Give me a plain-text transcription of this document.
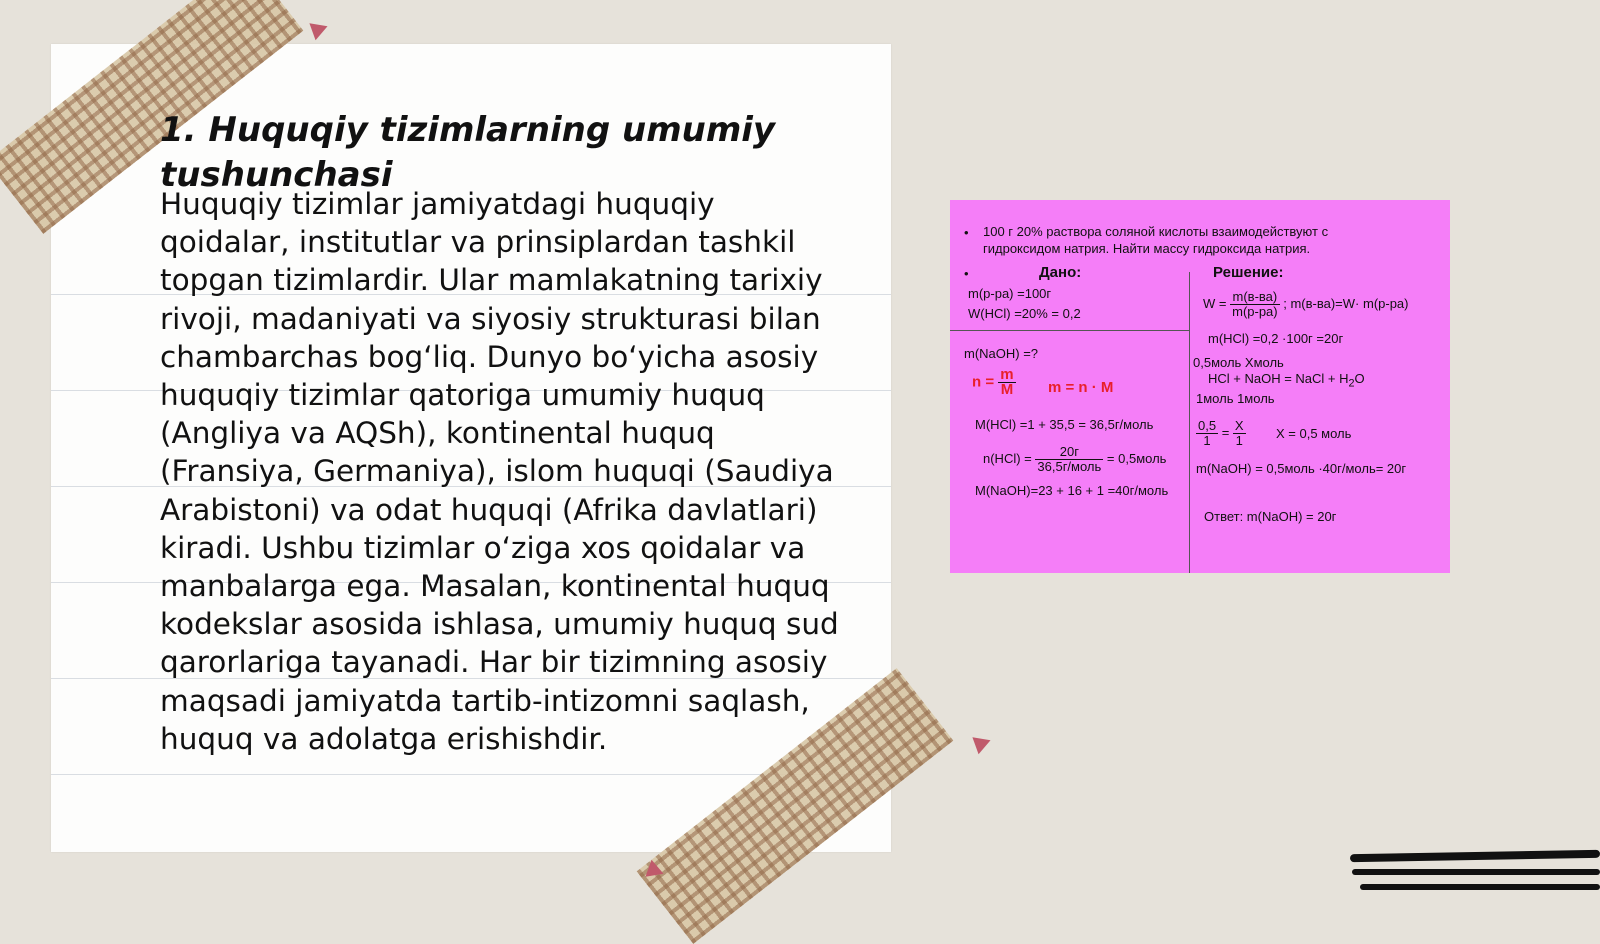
1. Huquqiy tizimlarning umumiy tushunchasi
Huquqiy tizimlar jamiyatdagi huquqiy qoidalar, institutlar va prinsiplardan tashkil topgan tizimlardir. Ular mamlakatning tarixiy rivoji, madaniyati va siyosiy strukturasi bilan chambarchas bog‘liq. Dunyo bo‘yicha asosiy huquqiy tizimlar qatoriga umumiy huquq (Angliya va AQSh), kontinental huquq (Fransiya, Germaniya), islom huquqi (Saudiya Arabistoni) va odat huquqi (Afrika davlatlari) kiradi. Ushbu tizimlar o‘ziga xos qoidalar va manbalarga ega. Masalan, kontinental huquq kodekslar asosida ishlasa, umumiy huquq sud qarorlariga tayanadi. Har bir tizimning asosiy maqsadi jamiyatda tartib-intizomni saqlash, huquq va adolatga erishishdir.
• 100 г 20% раствора соляной кислоты взаимодействуют с
гидроксидом натрия. Найти массу гидроксида натрия.
•	Дано:	Решение:
m(р-ра) =100г
W(HCl) =20% = 0,2
m(NaOH) =?
$n = \frac{m}{M}$ m = n · M
M(HCl) =1 + 35,5 = 36,5г/моль
$n(HCl) = \frac{20г}{\text{36,5г/моль}}$ = 0,5моль
M(NaOH)=23 + 16 + 1 =40г/моль
$W = \frac{m(в-ва)}{m(р-ра)}$ ; m(в-ва)=W· m(р-ра)
m(HCl) =0,2 ·100г =20г
0,5моль Хмоль
HCl + NaOH = NaCl + $H_2O$
1моль 1моль
$\frac{0,5}{1} = \frac{X}{1}$ X = 0,5 моль
m(NaOH) = 0,5моль ·40г/моль= 20г
Ответ: m(NaOH) = 20г
